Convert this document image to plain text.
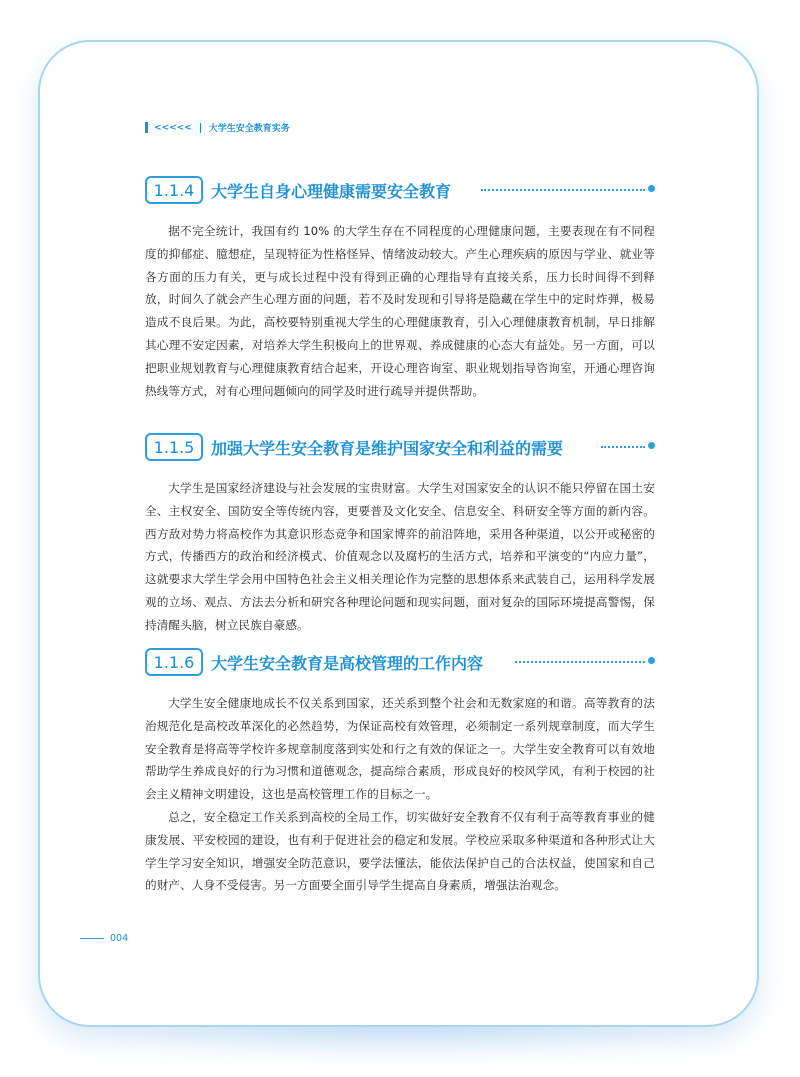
<<<<< 大学生安全教育实务
1.1.4	大学生自身心理健康需要安全教育

据不完全统计，我国有约 10% 的大学生存在不同程度的心理健康问题，主要表现在有不同程度的抑郁症、臆想症，呈现特征为性格怪异、情绪波动较大。产生心理疾病的原因与学业、就业等各方面的压力有关，更与成长过程中没有得到正确的心理指导有直接关系，压力长时间得不到释放，时间久了就会产生心理方面的问题，若不及时发现和引导将是隐藏在学生中的定时炸弹，极易造成不良后果。为此，高校要特别重视大学生的心理健康教育，引入心理健康教育机制，早日排解其心理不安定因素，对培养大学生积极向上的世界观、养成健康的心态大有益处。另一方面，可以把职业规划教育与心理健康教育结合起来，开设心理咨询室、职业规划指导咨询室，开通心理咨询热线等方式，对有心理问题倾向的同学及时进行疏导并提供帮助。

1.1.5	加强大学生安全教育是维护国家安全和利益的需要

大学生是国家经济建设与社会发展的宝贵财富。大学生对国家安全的认识不能只停留在国土安全、主权安全、国防安全等传统内容，更要普及文化安全、信息安全、科研安全等方面的新内容。西方敌对势力将高校作为其意识形态竞争和国家博弈的前沿阵地，采用各种渠道，以公开或秘密的方式，传播西方的政治和经济模式、价值观念以及腐朽的生活方式，培养和平演变的“内应力量”，这就要求大学生学会用中国特色社会主义相关理论作为完整的思想体系来武装自己，运用科学发展观的立场、观点、方法去分析和研究各种理论问题和现实问题，面对复杂的国际环境提高警惕，保持清醒头脑，树立民族自豪感。

1.1.6	大学生安全教育是高校管理的工作内容

大学生安全健康地成长不仅关系到国家，还关系到整个社会和无数家庭的和谐。高等教育的法治规范化是高校改革深化的必然趋势，为保证高校有效管理，必须制定一系列规章制度，而大学生安全教育是将高等学校许多规章制度落到实处和行之有效的保证之一。大学生安全教育可以有效地帮助学生养成良好的行为习惯和道德观念，提高综合素质，形成良好的校风学风，有利于校园的社会主义精神文明建设，这也是高校管理工作的目标之一。

总之，安全稳定工作关系到高校的全局工作，切实做好安全教育不仅有利于高等教育事业的健康发展、平安校园的建设，也有利于促进社会的稳定和发展。学校应采取多种渠道和各种形式让大学生学习安全知识，增强安全防范意识，要学法懂法，能依法保护自己的合法权益，使国家和自己的财产、人身不受侵害。另一方面要全面引导学生提高自身素质，增强法治观念。

004
